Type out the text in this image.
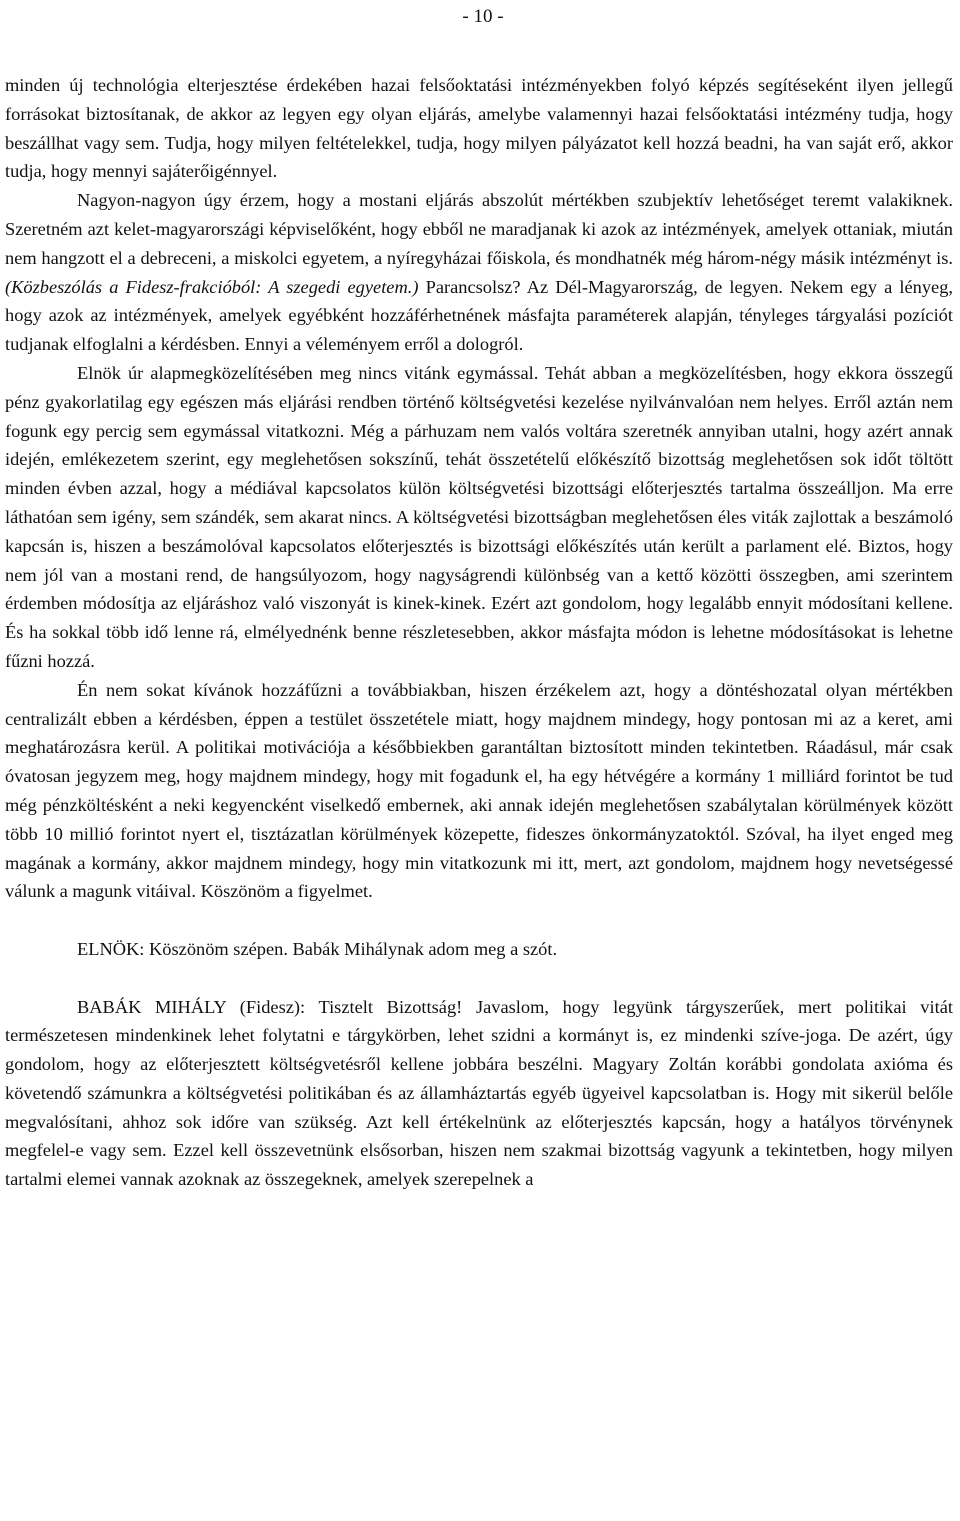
- 10 -

minden új technológia elterjesztése érdekében hazai felsőoktatási intézményekben folyó képzés segítéseként ilyen jellegű forrásokat biztosítanak, de akkor az legyen egy olyan eljárás, amelybe valamennyi hazai felsőoktatási intézmény tudja, hogy beszállhat vagy sem. Tudja, hogy milyen feltételekkel, tudja, hogy milyen pályázatot kell hozzá beadni, ha van saját erő, akkor tudja, hogy mennyi sajáterőigénnyel.

Nagyon-nagyon úgy érzem, hogy a mostani eljárás abszolút mértékben szubjektív lehetőséget teremt valakiknek. Szeretném azt kelet-magyarországi képviselőként, hogy ebből ne maradjanak ki azok az intézmények, amelyek ottaniak, miután nem hangzott el a debreceni, a miskolci egyetem, a nyíregyházai főiskola, és mondhatnék még három-négy másik intézményt is. (Közbeszólás a Fidesz-frakcióból: A szegedi egyetem.) Parancsolsz? Az Dél-Magyarország, de legyen. Nekem egy a lényeg, hogy azok az intézmények, amelyek egyébként hozzáférhetnének másfajta paraméterek alapján, tényleges tárgyalási pozíciót tudjanak elfoglalni a kérdésben. Ennyi a véleményem erről a dologról.

Elnök úr alapmegközelítésében meg nincs vitánk egymással. Tehát abban a megközelítésben, hogy ekkora összegű pénz gyakorlatilag egy egészen más eljárási rendben történő költségvetési kezelése nyilvánvalóan nem helyes. Erről aztán nem fogunk egy percig sem egymással vitatkozni. Még a párhuzam nem valós voltára szeretnék annyiban utalni, hogy azért annak idején, emlékezetem szerint, egy meglehetősen sokszínű, tehát összetételű előkészítő bizottság meglehetősen sok időt töltött minden évben azzal, hogy a médiával kapcsolatos külön költségvetési bizottsági előterjesztés tartalma összeálljon. Ma erre láthatóan sem igény, sem szándék, sem akarat nincs. A költségvetési bizottságban meglehetősen éles viták zajlottak a beszámoló kapcsán is, hiszen a beszámolóval kapcsolatos előterjesztés is bizottsági előkészítés után került a parlament elé. Biztos, hogy nem jól van a mostani rend, de hangsúlyozom, hogy nagyságrendi különbség van a kettő közötti összegben, ami szerintem érdemben módosítja az eljáráshoz való viszonyát is kinek-kinek. Ezért azt gondolom, hogy legalább ennyit módosítani kellene. És ha sokkal több idő lenne rá, elmélyednénk benne részletesebben, akkor másfajta módon is lehetne módosításokat is lehetne fűzni hozzá.

Én nem sokat kívánok hozzáfűzni a továbbiakban, hiszen érzékelem azt, hogy a döntéshozatal olyan mértékben centralizált ebben a kérdésben, éppen a testület összetétele miatt, hogy majdnem mindegy, hogy pontosan mi az a keret, ami meghatározásra kerül. A politikai motivációja a későbbiekben garantáltan biztosított minden tekintetben. Ráadásul, már csak óvatosan jegyzem meg, hogy majdnem mindegy, hogy mit fogadunk el, ha egy hétvégére a kormány 1 milliárd forintot be tud még pénzköltésként a neki kegyencként viselkedő embernek, aki annak idején meglehetősen szabálytalan körülmények között több 10 millió forintot nyert el, tisztázatlan körülmények közepette, fideszes önkormányzatoktól. Szóval, ha ilyet enged meg magának a kormány, akkor majdnem mindegy, hogy min vitatkozunk mi itt, mert, azt gondolom, majdnem hogy nevetségessé válunk a magunk vitáival. Köszönöm a figyelmet.

ELNÖK: Köszönöm szépen. Babák Mihálynak adom meg a szót.

BABÁK MIHÁLY (Fidesz): Tisztelt Bizottság! Javaslom, hogy legyünk tárgyszerűek, mert politikai vitát természetesen mindenkinek lehet folytatni e tárgykörben, lehet szidni a kormányt is, ez mindenki szíve-joga. De azért, úgy gondolom, hogy az előterjesztett költségvetésről kellene jobbára beszélni. Magyary Zoltán korábbi gondolata axióma és követendő számunkra a költségvetési politikában és az államháztartás egyéb ügyeivel kapcsolatban is. Hogy mit sikerül belőle megvalósítani, ahhoz sok időre van szükség. Azt kell értékelnünk az előterjesztés kapcsán, hogy a hatályos törvénynek megfelel-e vagy sem. Ezzel kell összevetnünk elsősorban, hiszen nem szakmai bizottság vagyunk a tekintetben, hogy milyen tartalmi elemei vannak azoknak az összegeknek, amelyek szerepelnek a
